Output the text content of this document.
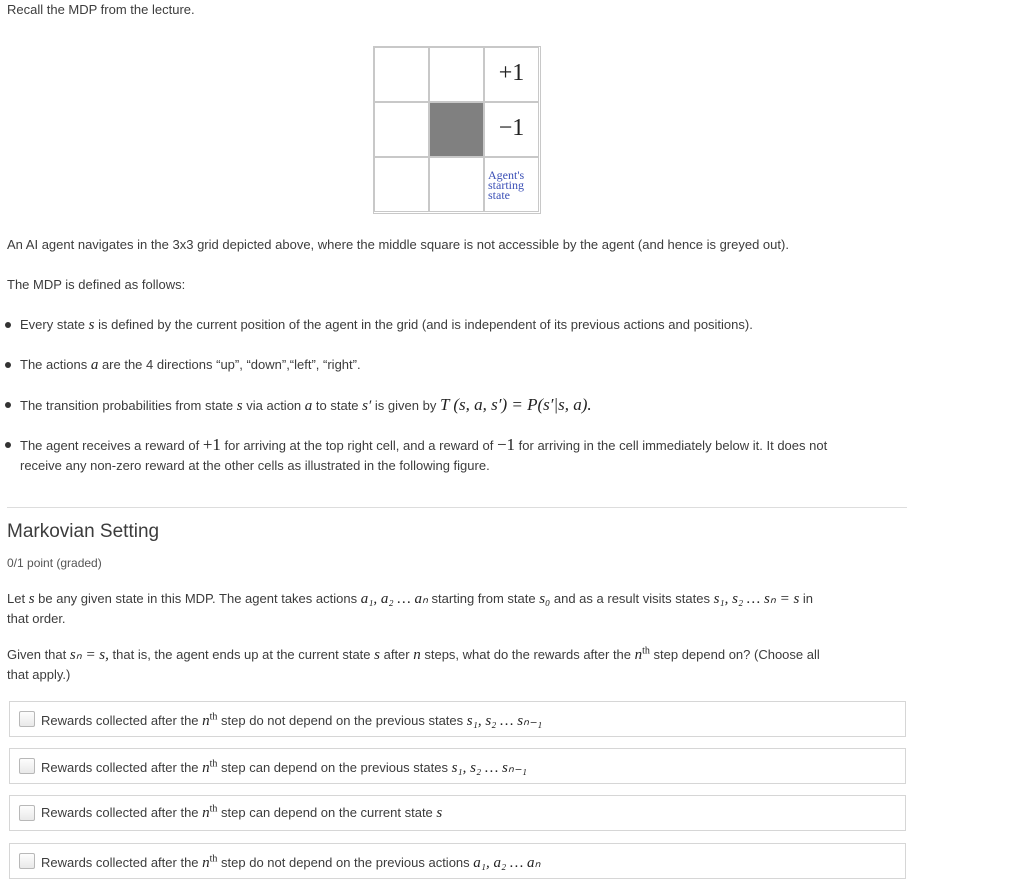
Recall the MDP from the lecture.
+1
−1
Agent's
starting
state
An AI agent navigates in the 3x3 grid depicted above, where the middle square is not accessible by the agent (and hence is greyed out).
The MDP is defined as follows:
Every state s is defined by the current position of the agent in the grid (and is independent of its previous actions and positions).
The actions a are the 4 directions “up”, “down”,“left”, “right”.
The transition probabilities from state s via action a to state s′ is given by T (s, a, s′) = P(s′|s, a).
The agent receives a reward of +1 for arriving at the top right cell, and a reward of −1 for arriving in the cell immediately below it. It does not
receive any non-zero reward at the other cells as illustrated in the following figure.
Markovian Setting
0/1 point (graded)
Let s be any given state in this MDP. The agent takes actions a₁, a₂ … aₙ starting from state s₀ and as a result visits states s₁, s₂ … sₙ = s in
that order.
Given that sₙ = s, that is, the agent ends up at the current state s after n steps, what do the rewards after the $n^{th}$ step depend on? (Choose all
that apply.)
Rewards collected after the $n^{th}$ step do not depend on the previous states s₁, s₂ … sₙ₋₁
Rewards collected after the $n^{th}$ step can depend on the previous states s₁, s₂ … sₙ₋₁
Rewards collected after the $n^{th}$ step can depend on the current state s
Rewards collected after the $n^{th}$ step do not depend on the previous actions a₁, a₂ … aₙ
